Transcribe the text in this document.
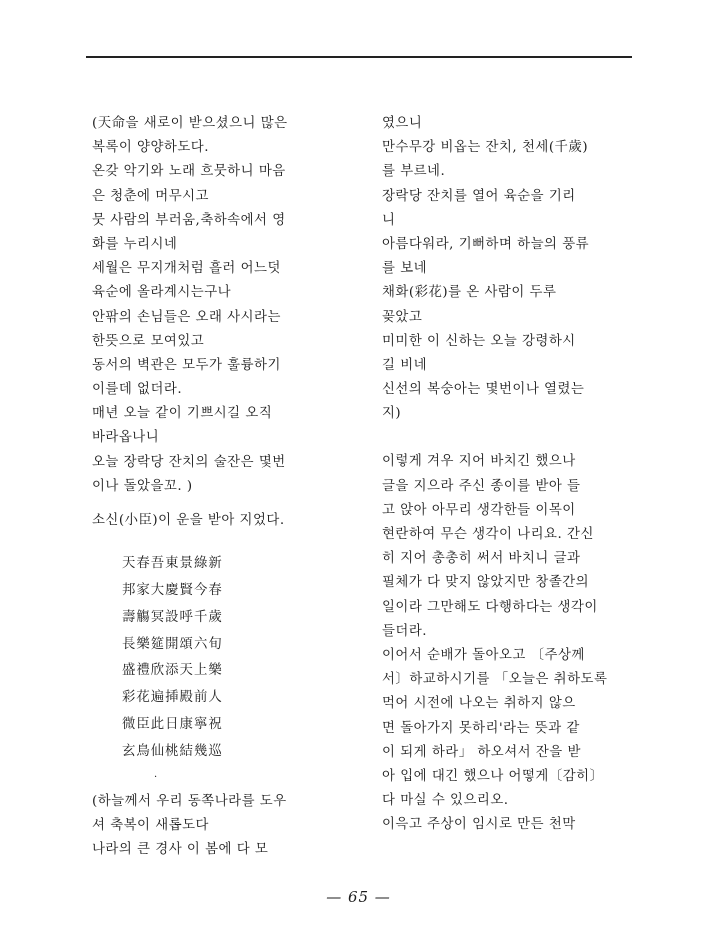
(天命을 새로이 받으셨으니 많은
복록이 양양하도다.
온갖 악기와 노래 흐뭇하니 마음
은 청춘에 머무시고
뭇 사람의 부러움,축하속에서 영
화를 누리시네
세월은 무지개처럼 흘러 어느덧
육순에 올라계시는구나
안팎의 손님들은 오래 사시라는
한뜻으로 모여있고
동서의 벽관은 모두가 훌륭하기
이를데 없더라.
매년 오늘 같이 기쁘시길 오직
바라옵나니
오늘 장락당 잔치의 술잔은 몇번
이나 돌았을꼬. )
소신(小臣)이 운을 받아 지었다.
天春吾東景綠新
邦家大慶賢今春
壽觴冥設呼千歲
長樂筵開頌六旬
盛禮欣添天上樂
彩花遍揷殿前人
微臣此日康寧祝
玄鳥仙桃結幾巡
·
(하늘께서 우리 동쪽나라를 도우
셔 축복이 새롭도다
나라의 큰 경사 이 봄에 다 모
였으니
만수무강 비옵는 잔치, 천세(千歲)
를 부르네.
장락당 잔치를 열어 육순을 기리
니
아름다워라, 기뻐하며 하늘의 풍류
를 보네
채화(彩花)를 온 사람이 두루
꽂았고
미미한 이 신하는 오늘 강령하시
길 비네
신선의 복숭아는 몇번이나 열렸는
지)
이렇게 겨우 지어 바치긴 했으나
글을 지으라 주신 종이를 받아 들
고 앉아 아무리 생각한들 이목이
현란하여 무슨 생각이 나리요. 간신
히 지어 총총히 써서 바치니 글과
필체가 다 맞지 않았지만 창졸간의
일이라 그만해도 다행하다는 생각이
들더라.
이어서 순배가 돌아오고 〔주상께
서〕하교하시기를 「오늘은 취하도록
먹어 시전에 나오는 취하지 않으
면 돌아가지 못하리'라는 뜻과 같
이 되게 하라」 하오셔서 잔을 받
아 입에 대긴 했으나 어떻게〔감히〕
다 마실 수 있으리오.
이윽고 주상이 임시로 만든 천막
— 65 —
